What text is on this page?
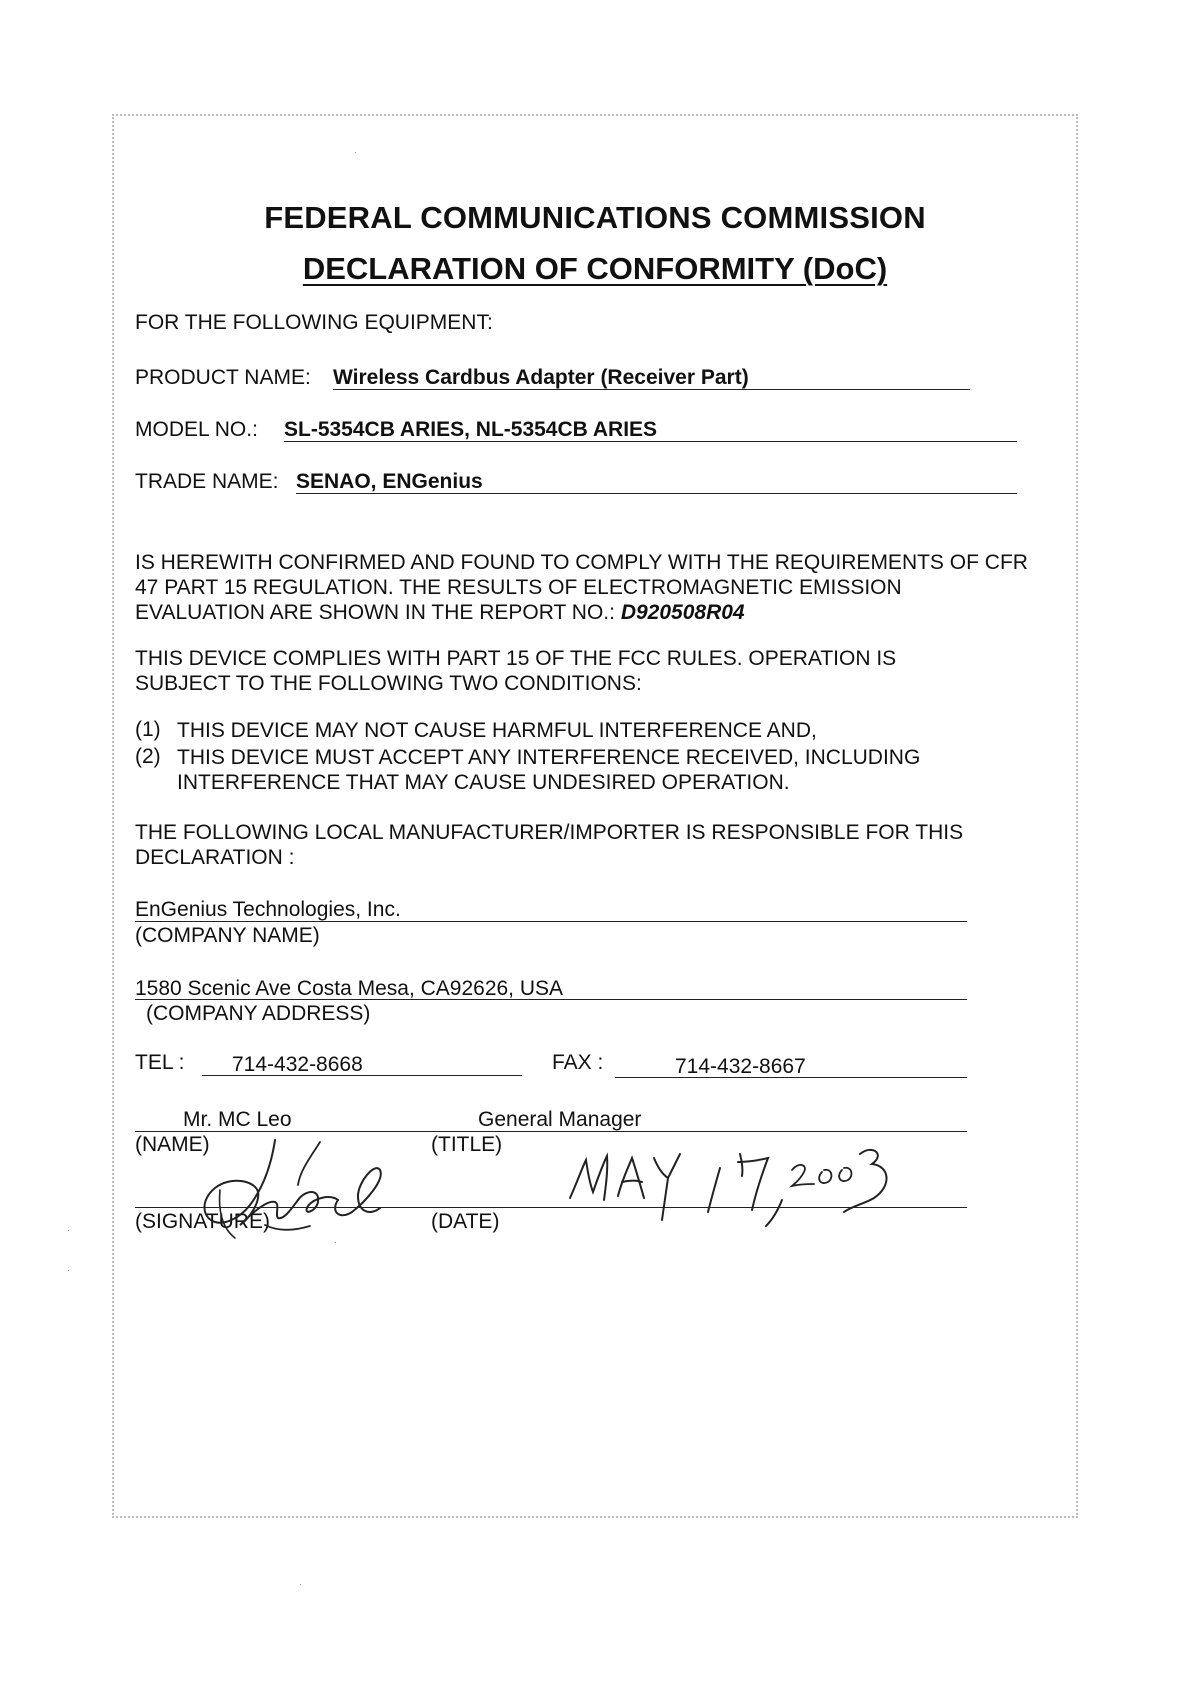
FEDERAL COMMUNICATIONS COMMISSION
DECLARATION OF CONFORMITY (DoC)
FOR THE FOLLOWING EQUIPMENT:
PRODUCT NAME: Wireless Cardbus Adapter (Receiver Part)
MODEL NO.: SL-5354CB ARIES, NL-5354CB ARIES
TRADE NAME: SENAO, ENGenius
IS HEREWITH CONFIRMED AND FOUND TO COMPLY WITH THE REQUIREMENTS OF CFR 47 PART 15 REGULATION. THE RESULTS OF ELECTROMAGNETIC EMISSION EVALUATION ARE SHOWN IN THE REPORT NO.: D920508R04
THIS DEVICE COMPLIES WITH PART 15 OF THE FCC RULES. OPERATION IS SUBJECT TO THE FOLLOWING TWO CONDITIONS:
(1) THIS DEVICE MAY NOT CAUSE HARMFUL INTERFERENCE AND,
(2) THIS DEVICE MUST ACCEPT ANY INTERFERENCE RECEIVED, INCLUDING INTERFERENCE THAT MAY CAUSE UNDESIRED OPERATION.
THE FOLLOWING LOCAL MANUFACTURER/IMPORTER IS RESPONSIBLE FOR THIS DECLARATION :
EnGenius Technologies, Inc.
(COMPANY NAME)
1580 Scenic Ave Costa Mesa, CA92626, USA
(COMPANY ADDRESS)
TEL : 714-432-8668	FAX :	714-432-8667
Mr. MC Leo	General Manager
(NAME)	(TITLE)
(SIGNATURE)	(DATE)
